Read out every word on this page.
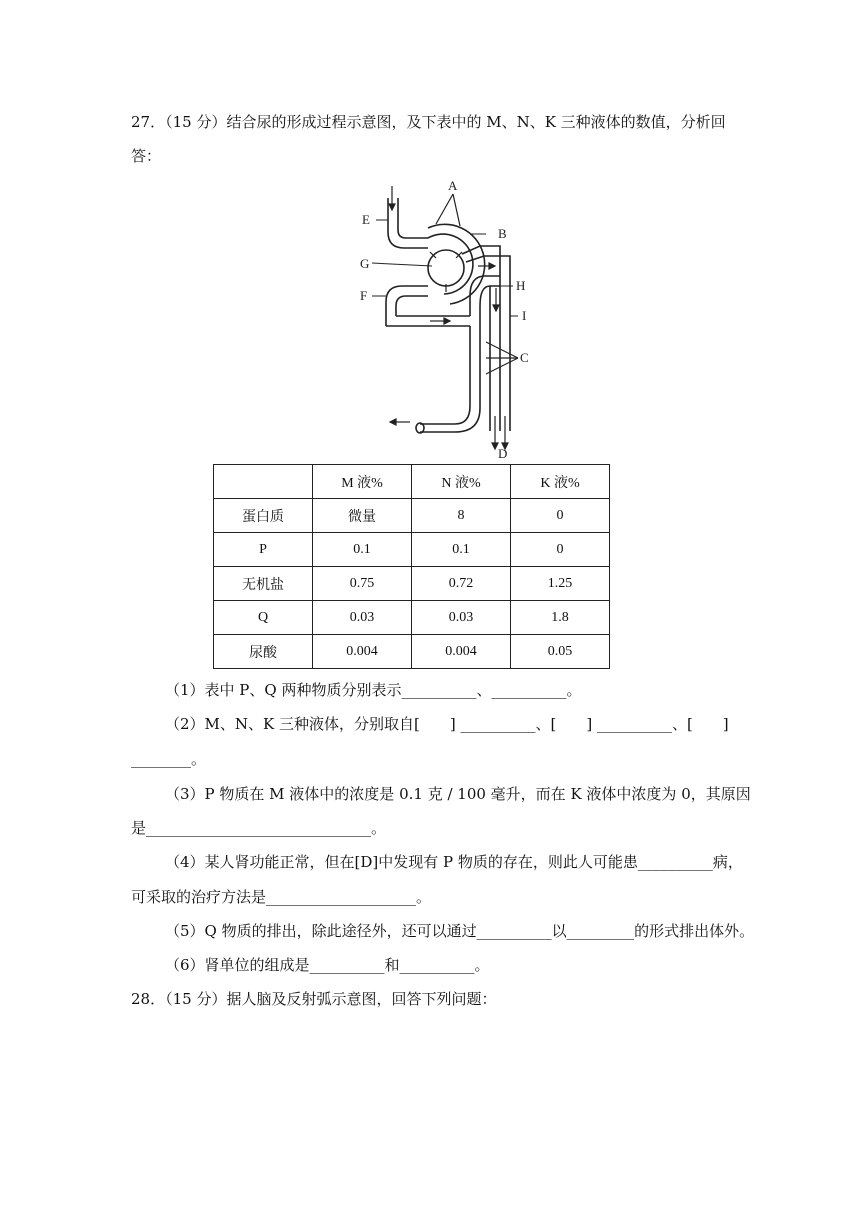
27．（15 分）结合尿的形成过程示意图，及下表中的 M、N、K 三种液体的数值，分析回
答：
A
B
C
D
E
F
G
H
I
	M 液%	N 液%	K 液%
蛋白质	微量	8	0
P	0.1	0.1	0
无机盐	0.75	0.72	1.25
Q	0.03	0.03	1.8
尿酸	0.004	0.004	0.05
（1）表中 P、Q 两种物质分别表示__________、__________。
（2）M、N、K 三种液体，分别取自[　　] __________、[　　] __________、[　　]
________。
（3）P 物质在 M 液体中的浓度是 0.1 克 / 100 毫升，而在 K 液体中浓度为 0，其原因
是______________________________。
（4）某人肾功能正常，但在[D]中发现有 P 物质的存在，则此人可能患__________病，
可采取的治疗方法是____________________。
（5）Q 物质的排出，除此途径外，还可以通过__________以_________的形式排出体外。
（6）肾单位的组成是__________和__________。
28．（15 分）据人脑及反射弧示意图，回答下列问题：
